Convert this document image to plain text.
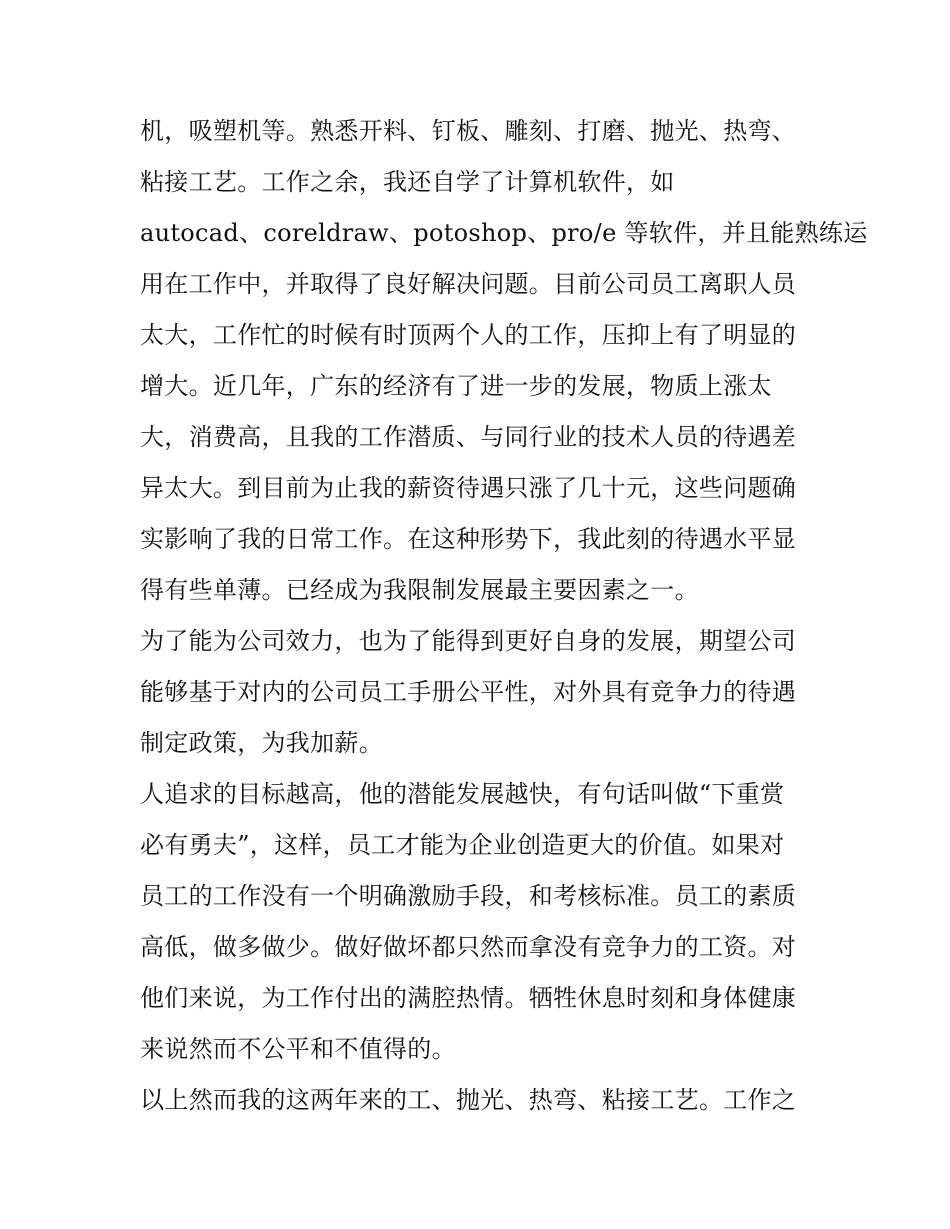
机，吸塑机等。熟悉开料、钉板、雕刻、打磨、抛光、热弯、
粘接工艺。工作之余，我还自学了计算机软件，如
autocad、coreldraw、potoshop、pro/e 等软件，并且能熟练运
用在工作中，并取得了良好解决问题。目前公司员工离职人员
太大，工作忙的时候有时顶两个人的工作，压抑上有了明显的
增大。近几年，广东的经济有了进一步的发展，物质上涨太
大，消费高，且我的工作潜质、与同行业的技术人员的待遇差
异太大。到目前为止我的薪资待遇只涨了几十元，这些问题确
实影响了我的日常工作。在这种形势下，我此刻的待遇水平显
得有些单薄。已经成为我限制发展最主要因素之一。
为了能为公司效力，也为了能得到更好自身的发展，期望公司
能够基于对内的公司员工手册公平性，对外具有竞争力的待遇
制定政策，为我加薪。
人追求的目标越高，他的潜能发展越快，有句话叫做“下重赏
必有勇夫”，这样，员工才能为企业创造更大的价值。如果对
员工的工作没有一个明确激励手段，和考核标准。员工的素质
高低，做多做少。做好做坏都只然而拿没有竞争力的工资。对
他们来说，为工作付出的满腔热情。牺牲休息时刻和身体健康
来说然而不公平和不值得的。
以上然而我的这两年来的工、抛光、热弯、粘接工艺。工作之
